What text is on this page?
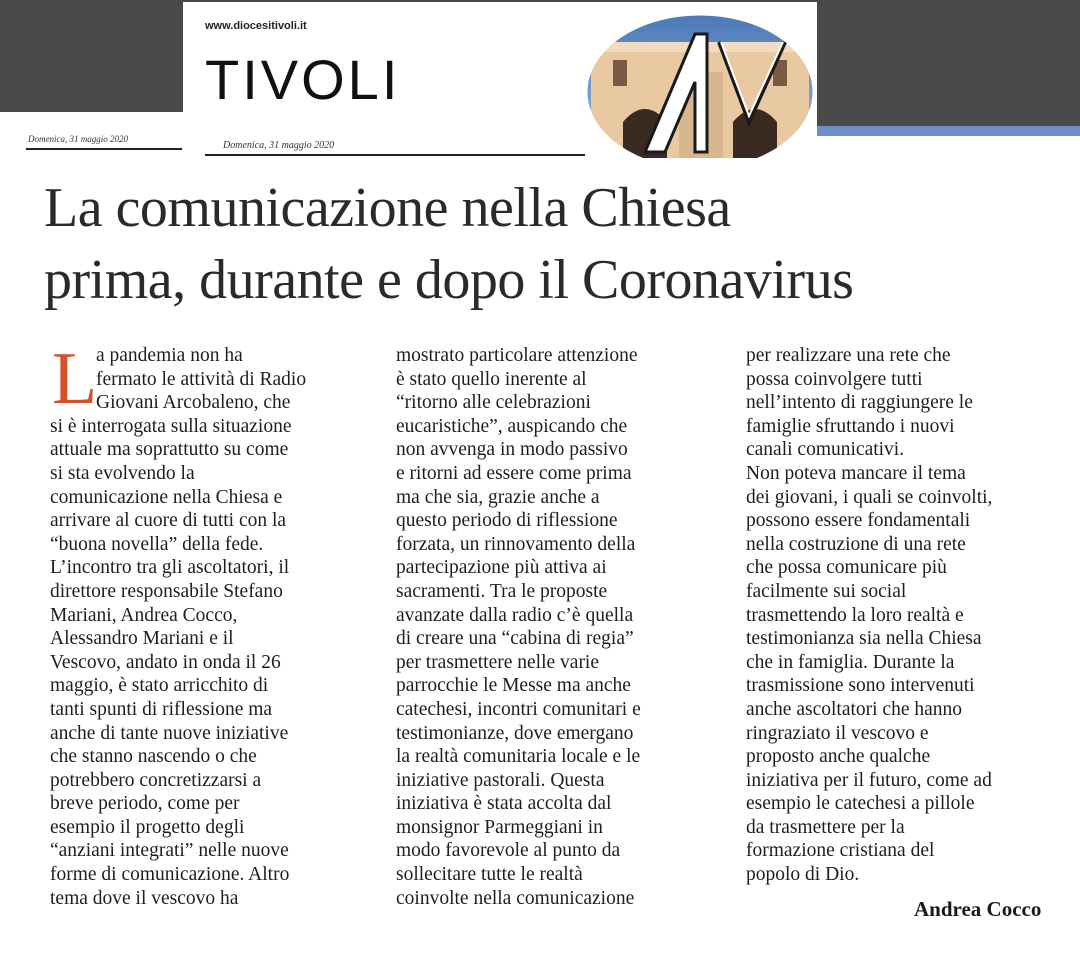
Domenica, 31 maggio 2020
www.diocesitivoli.it
TIVOLI
Domenica, 31 maggio 2020
La comunicazione nella Chiesa
prima, durante e dopo il Coronavirus
L
a pandemia non ha
fermato le attività di Radio
Giovani Arcobaleno, che
si è interrogata sulla situazione
attuale ma soprattutto su come
si sta evolvendo la
comunicazione nella Chiesa e
arrivare al cuore di tutti con la
“buona novella” della fede.
L’incontro tra gli ascoltatori, il
direttore responsabile Stefano
Mariani, Andrea Cocco,
Alessandro Mariani e il
Vescovo, andato in onda il 26
maggio, è stato arricchito di
tanti spunti di riflessione ma
anche di tante nuove iniziative
che stanno nascendo o che
potrebbero concretizzarsi a
breve periodo, come per
esempio il progetto degli
“anziani integrati” nelle nuove
forme di comunicazione. Altro
tema dove il vescovo ha
mostrato particolare attenzione
è stato quello inerente al
“ritorno alle celebrazioni
eucaristiche”, auspicando che
non avvenga in modo passivo
e ritorni ad essere come prima
ma che sia, grazie anche a
questo periodo di riflessione
forzata, un rinnovamento della
partecipazione più attiva ai
sacramenti. Tra le proposte
avanzate dalla radio c’è quella
di creare una “cabina di regia”
per trasmettere nelle varie
parrocchie le Messe ma anche
catechesi, incontri comunitari e
testimonianze, dove emergano
la realtà comunitaria locale e le
iniziative pastorali. Questa
iniziativa è stata accolta dal
monsignor Parmeggiani in
modo favorevole al punto da
sollecitare tutte le realtà
coinvolte nella comunicazione
per realizzare una rete che
possa coinvolgere tutti
nell’intento di raggiungere le
famiglie sfruttando i nuovi
canali comunicativi.
Non poteva mancare il tema
dei giovani, i quali se coinvolti,
possono essere fondamentali
nella costruzione di una rete
che possa comunicare più
facilmente sui social
trasmettendo la loro realtà e
testimonianza sia nella Chiesa
che in famiglia. Durante la
trasmissione sono intervenuti
anche ascoltatori che hanno
ringraziato il vescovo e
proposto anche qualche
iniziativa per il futuro, come ad
esempio le catechesi a pillole
da trasmettere per la
formazione cristiana del
popolo di Dio.
Andrea Cocco
